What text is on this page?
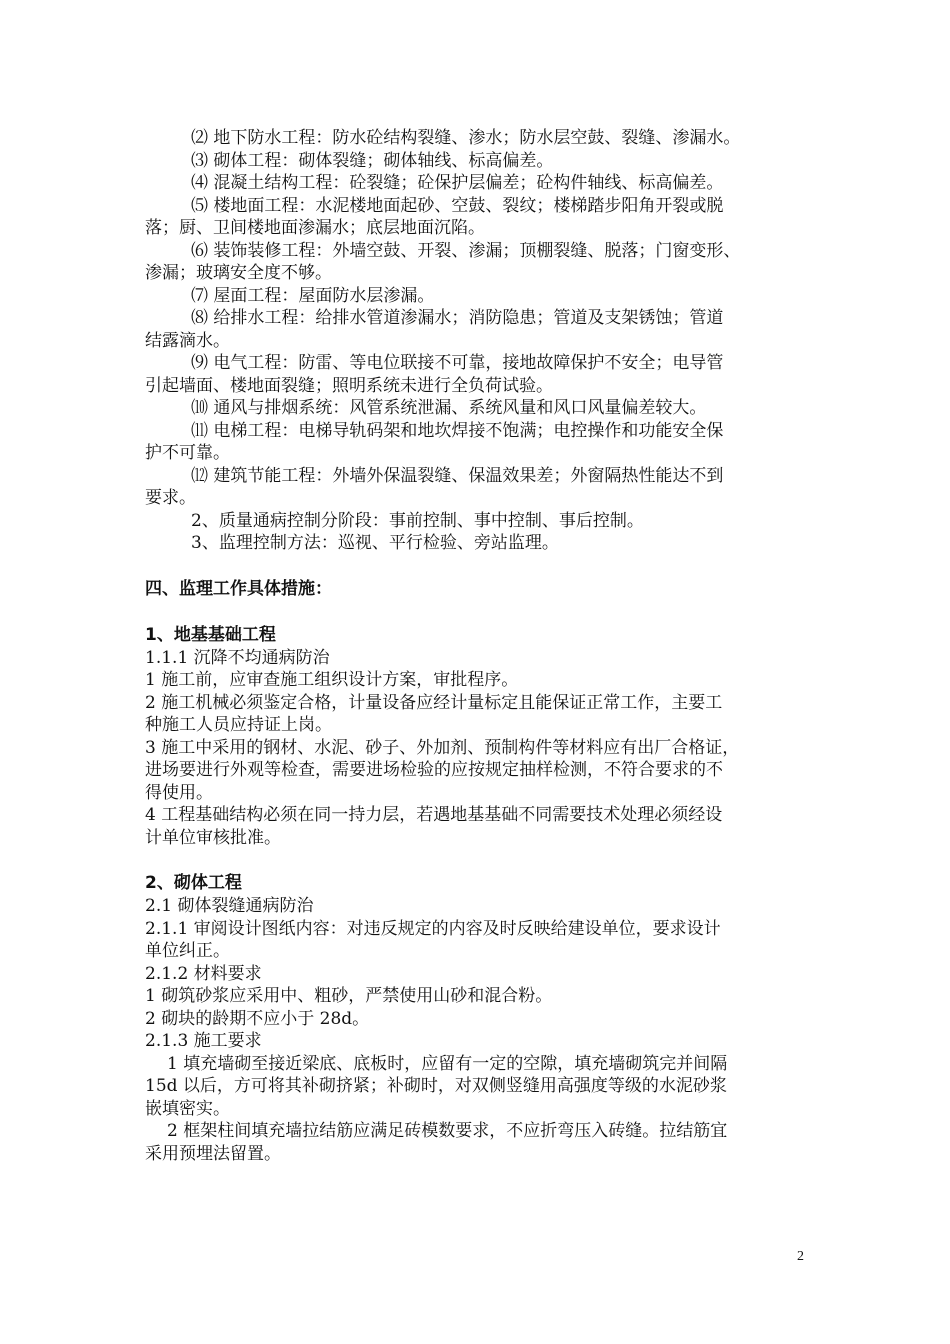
⑵ 地下防水工程：防水砼结构裂缝、渗水；防水层空鼓、裂缝、渗漏水。

⑶ 砌体工程：砌体裂缝；砌体轴线、标高偏差。

⑷ 混凝土结构工程：砼裂缝；砼保护层偏差；砼构件轴线、标高偏差。

⑸ 楼地面工程：水泥楼地面起砂、空鼓、裂纹；楼梯踏步阳角开裂或脱

落；厨、卫间楼地面渗漏水；底层地面沉陷。

⑹ 装饰装修工程：外墙空鼓、开裂、渗漏；顶棚裂缝、脱落；门窗变形、

渗漏；玻璃安全度不够。

⑺ 屋面工程：屋面防水层渗漏。

⑻ 给排水工程：给排水管道渗漏水；消防隐患；管道及支架锈蚀；管道

结露滴水。

⑼ 电气工程：防雷、等电位联接不可靠，接地故障保护不安全；电导管

引起墙面、楼地面裂缝；照明系统未进行全负荷试验。

⑽ 通风与排烟系统：风管系统泄漏、系统风量和风口风量偏差较大。

⑾ 电梯工程：电梯导轨码架和地坎焊接不饱满；电控操作和功能安全保

护不可靠。

⑿ 建筑节能工程：外墙外保温裂缝、保温效果差；外窗隔热性能达不到

要求。

2、质量通病控制分阶段：事前控制、事中控制、事后控制。

3、监理控制方法：巡视、平行检验、旁站监理。

四、监理工作具体措施：

1、地基基础工程

1.1.1 沉降不均通病防治

1 施工前，应审查施工组织设计方案，审批程序。

2 施工机械必须鉴定合格，计量设备应经计量标定且能保证正常工作，主要工

种施工人员应持证上岗。

3 施工中采用的钢材、水泥、砂子、外加剂、预制构件等材料应有出厂合格证，

进场要进行外观等检查，需要进场检验的应按规定抽样检测，不符合要求的不

得使用。

4 工程基础结构必须在同一持力层，若遇地基基础不同需要技术处理必须经设

计单位审核批准。

2、砌体工程

2.1 砌体裂缝通病防治

2.1.1 审阅设计图纸内容：对违反规定的内容及时反映给建设单位，要求设计

单位纠正。

2.1.2 材料要求

1 砌筑砂浆应采用中、粗砂，严禁使用山砂和混合粉。

2 砌块的龄期不应小于 28d。

2.1.3 施工要求

1 填充墙砌至接近梁底、底板时，应留有一定的空隙，填充墙砌筑完并间隔

15d 以后，方可将其补砌挤紧；补砌时，对双侧竖缝用高强度等级的水泥砂浆

嵌填密实。

2 框架柱间填充墙拉结筋应满足砖模数要求，不应折弯压入砖缝。拉结筋宜

采用预埋法留置。

2
